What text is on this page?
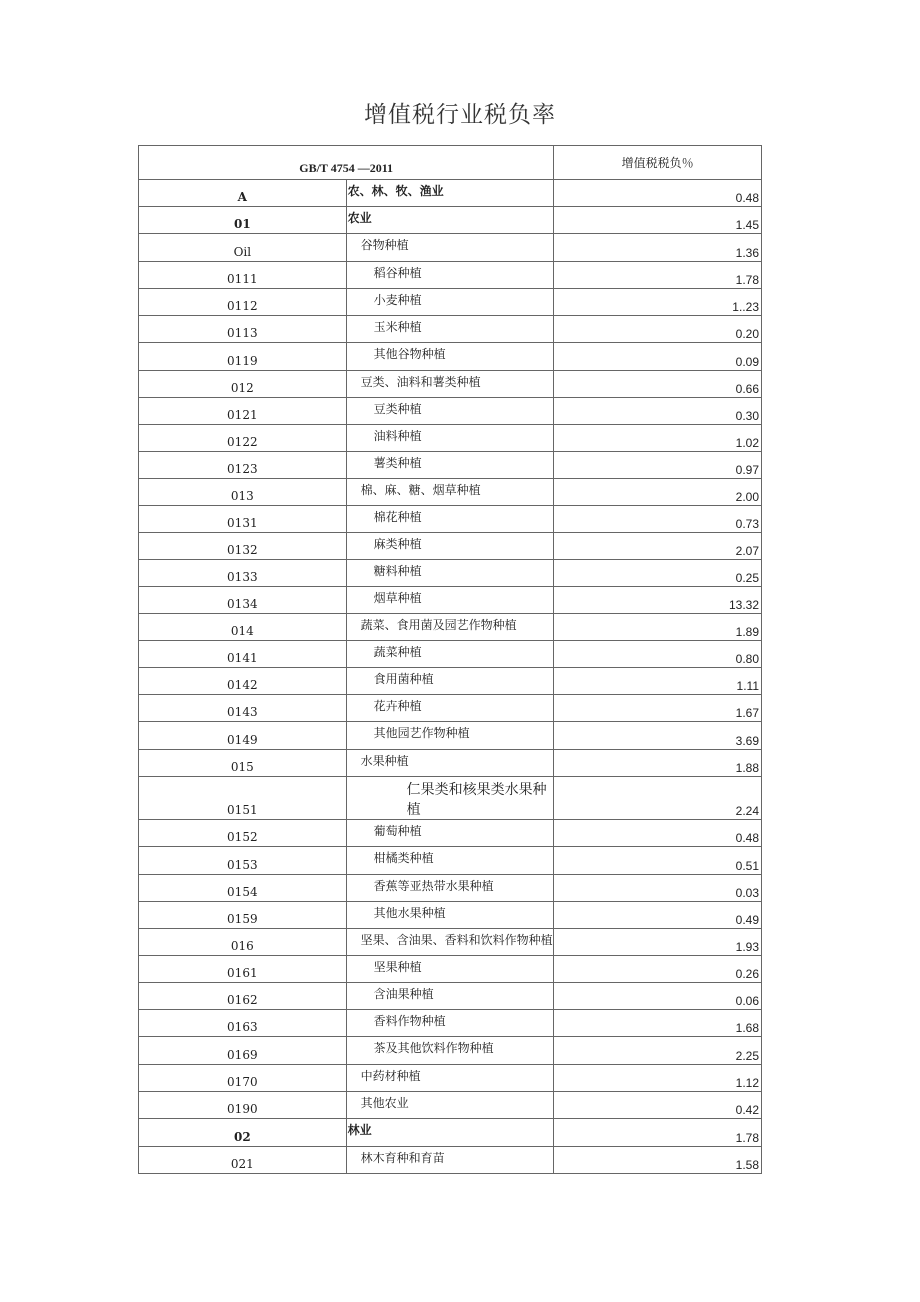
增值税行业税负率
GB/T 4754 —2011		增值税税负％
A	农、林、牧、渔业	0.48
01	农业	1.45
Oil	谷物种植	1.36
0111	稻谷种植	1.78
0112	小麦种植	1..23
0113	玉米种植	0.20
0119	其他谷物种植	0.09
012	豆类、油料和薯类种植	0.66
0121	豆类种植	0.30
0122	油料种植	1.02
0123	薯类种植	0.97
013	棉、麻、糖、烟草种植	2.00
0131	棉花种植	0.73
0132	麻类种植	2.07
0133	糖料种植	0.25
0134	烟草种植	13.32
014	蔬菜、食用菌及园艺作物种植	1.89
0141	蔬菜种植	0.80
0142	食用菌种植	1.11
0143	花卉种植	1.67
0149	其他园艺作物种植	3.69
015	水果种植	1.88
0151	仁果类和核果类水果种植	2.24
0152	葡萄种植	0.48
0153	柑橘类种植	0.51
0154	香蕉等亚热带水果种植	0.03
0159	其他水果种植	0.49
016	坚果、含油果、香料和饮料作物种植	1.93
0161	坚果种植	0.26
0162	含油果种植	0.06
0163	香料作物种植	1.68
0169	茶及其他饮料作物种植	2.25
0170	中药材种植	1.12
0190	其他农业	0.42
02	林业	1.78
021	林木育种和育苗	1.58
